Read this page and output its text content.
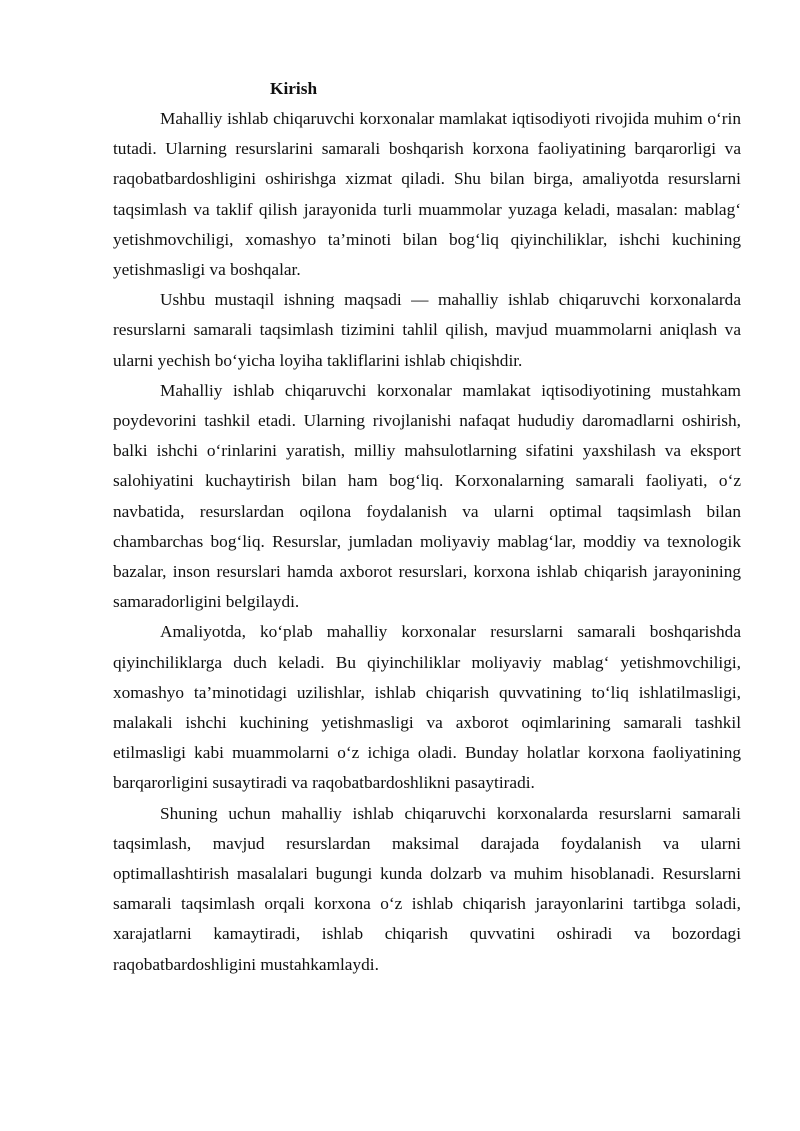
Kirish

Mahalliy ishlab chiqaruvchi korxonalar mamlakat iqtisodiyoti rivojida muhim o‘rin tutadi. Ularning resurslarini samarali boshqarish korxona faoliyatining barqarorligi va raqobatbardoshligini oshirishga xizmat qiladi. Shu bilan birga, amaliyotda resurslarni taqsimlash va taklif qilish jarayonida turli muammolar yuzaga keladi, masalan: mablag‘ yetishmovchiligi, xomashyo ta’minoti bilan bog‘liq qiyinchiliklar, ishchi kuchining yetishmasligi va boshqalar.

Ushbu mustaqil ishning maqsadi — mahalliy ishlab chiqaruvchi korxonalarda resurslarni samarali taqsimlash tizimini tahlil qilish, mavjud muammolarni aniqlash va ularni yechish bo‘yicha loyiha takliflarini ishlab chiqishdir.

Mahalliy ishlab chiqaruvchi korxonalar mamlakat iqtisodiyotining mustahkam poydevorini tashkil etadi. Ularning rivojlanishi nafaqat hududiy daromadlarni oshirish, balki ishchi o‘rinlarini yaratish, milliy mahsulotlarning sifatini yaxshilash va eksport salohiyatini kuchaytirish bilan ham bog‘liq. Korxonalarning samarali faoliyati, o‘z navbatida, resurslardan oqilona foydalanish va ularni optimal taqsimlash bilan chambarchas bog‘liq. Resurslar, jumladan moliyaviy mablag‘lar, moddiy va texnologik bazalar, inson resurslari hamda axborot resurslari, korxona ishlab chiqarish jarayonining samaradorligini belgilaydi.

Amaliyotda, ko‘plab mahalliy korxonalar resurslarni samarali boshqarishda qiyinchiliklarga duch keladi. Bu qiyinchiliklar moliyaviy mablag‘ yetishmovchiligi, xomashyo ta’minotidagi uzilishlar, ishlab chiqarish quvvatining to‘liq ishlatilmasligi, malakali ishchi kuchining yetishmasligi va axborot oqimlarining samarali tashkil etilmasligi kabi muammolarni o‘z ichiga oladi. Bunday holatlar korxona faoliyatining barqarorligini susaytiradi va raqobatbardoshlikni pasaytiradi.

Shuning uchun mahalliy ishlab chiqaruvchi korxonalarda resurslarni samarali taqsimlash, mavjud resurslardan maksimal darajada foydalanish va ularni optimallashtirish masalalari bugungi kunda dolzarb va muhim hisoblanadi. Resurslarni samarali taqsimlash orqali korxona o‘z ishlab chiqarish jarayonlarini tartibga soladi, xarajatlarni kamaytiradi, ishlab chiqarish quvvatini oshiradi va bozordagi raqobatbardoshligini mustahkamlaydi.
